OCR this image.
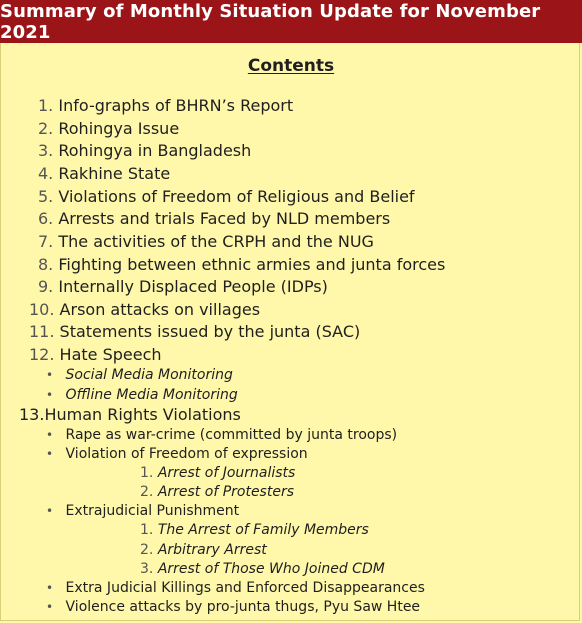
Summary of Monthly Situation Update for November 2021
Contents
1. Info-graphs of BHRN’s Report
2. Rohingya Issue
3. Rohingya in Bangladesh
4. Rakhine State
5. Violations of Freedom of Religious and Belief
6. Arrests and trials Faced by NLD members
7. The activities of the CRPH and the NUG
8. Fighting between ethnic armies and junta forces
9. Internally Displaced People (IDPs)
10. Arson attacks on villages
11. Statements issued by the junta (SAC)
12. Hate Speech
• Social Media Monitoring
• Offline Media Monitoring
13.Human Rights Violations
• Rape as war-crime (committed by junta troops)
• Violation of Freedom of expression
1. Arrest of Journalists
2. Arrest of Protesters
• Extrajudicial Punishment
1. The Arrest of Family Members
2. Arbitrary Arrest
3. Arrest of Those Who Joined CDM
• Extra Judicial Killings and Enforced Disappearances
• Violence attacks by pro-junta thugs, Pyu Saw Htee
